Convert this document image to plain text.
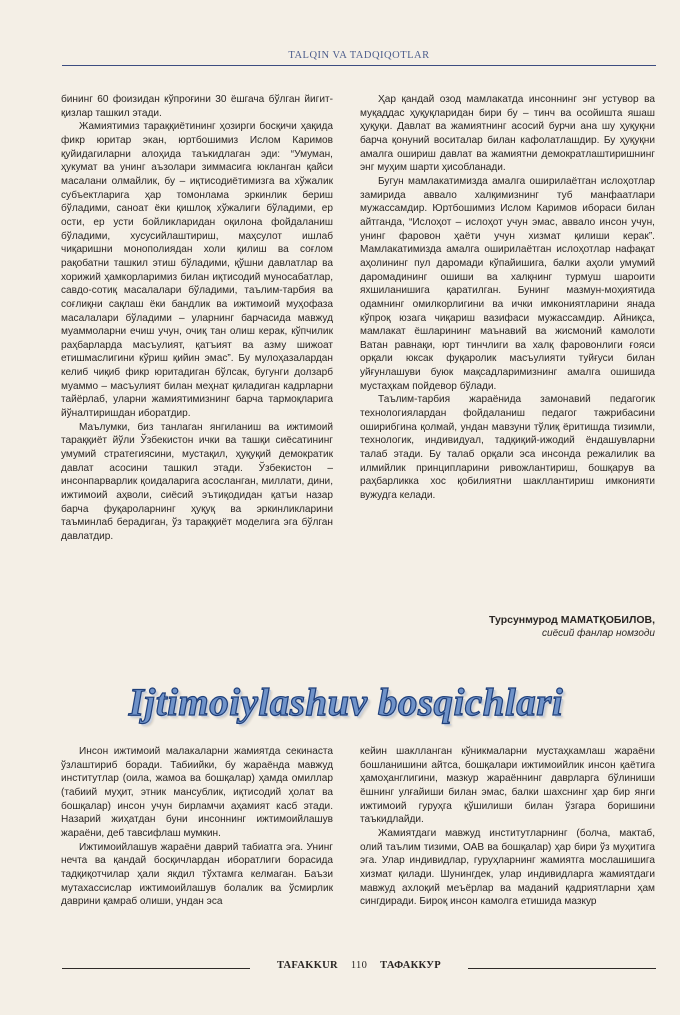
TALQIN VA TADQIQOTLAR

бининг 60 фоизидан кўпроғини 30 ёшгача бўлган йигит-қизлар ташкил этади.

Жамиятимиз тараққиётининг ҳозирги босқичи ҳақида фикр юритар экан, юртбошимиз Ислом Каримов қуйидагиларни алоҳида таъкидлаган эди: “Умуман, ҳукумат ва унинг аъзолари зиммасига юкланган қайси масалани олмайлик, бу – иқтисодиётимизга ва хўжалик субъектларига ҳар томонлама эркинлик бериш бўладими, саноат ёки қишлоқ хўжалиги бўладими, ер ости, ер усти бойликларидан оқилона фойдаланиш бўладими, хусусийлаштириш, маҳсулот ишлаб чиқаришни монополиядан холи қилиш ва соғлом рақобатни ташкил этиш бўладими, қўшни давлатлар ва хорижий ҳамкорларимиз билан иқтисодий муносабатлар, савдо-сотиқ масалалари бўладими, таълим-тарбия ва соғлиқни сақлаш ёки бандлик ва ижтимоий муҳофаза масалалари бўладими – уларнинг барчасида мавжуд муаммоларни ечиш учун, очиқ тан олиш керак, кўпчилик раҳбарларда масъулият, қатъият ва азму шижоат етишмаслигини кўриш қийин эмас”. Бу мулоҳазалардан келиб чиқиб фикр юритадиган бўлсак, бугунги долзарб муаммо – масъулият билан меҳнат қиладиган кадрларни тайёрлаб, уларни жамиятимизнинг барча тармоқларига йўналтиришдан иборатдир.

Маълумки, биз танлаган янгиланиш ва ижтимоий тараққиёт йўли Ўзбекистон ички ва ташқи сиёсатининг умумий стратегиясини, мустақил, ҳуқуқий демократик давлат асосини ташкил этади. Ўзбекистон – инсонпарварлик қоидаларига асосланган, миллати, дини, ижтимоий аҳволи, сиёсий эътиқодидан қатъи назар барча фуқароларнинг ҳуқуқ ва эркинликларини таъминлаб берадиган, ўз тараққиёт моделига эга бўлган давлатдир.

Ҳар қандай озод мамлакатда инсоннинг энг устувор ва муқаддас ҳуқуқларидан бири бу – тинч ва осойишта яшаш ҳуқуқи. Давлат ва жамиятнинг асосий бурчи ана шу ҳуқуқни барча қонуний воситалар билан кафолатлашдир. Бу ҳуқуқни амалга ошириш давлат ва жамиятни демократлаштиришнинг энг муҳим шарти ҳисобланади.

Бугун мамлакатимизда амалга оширилаётган ислоҳотлар замирида аввало халқимизнинг туб манфаатлари мужассамдир. Юртбошимиз Ислом Каримов ибораси билан айтганда, “Ислоҳот – ислоҳот учун эмас, аввало инсон учун, унинг фаровон ҳаёти учун хизмат қилиши керак”. Мамлакатимизда амалга оширилаётган ислоҳотлар нафақат аҳолининг пул даромади кўпайишига, балки аҳоли умумий даромадининг ошиши ва халқнинг турмуш шароити яхшиланишига қаратилган. Бунинг мазмун-моҳиятида одамнинг омилкорлигини ва ички имкониятларини янада кўпроқ юзага чиқариш вазифаси мужассамдир. Айниқса, мамлакат ёшларининг маънавий ва жисмоний камолоти Ватан равнақи, юрт тинчлиги ва халқ фаровонлиги ғояси орқали юксак фуқаролик масъулияти туйғуси билан уйғунлашуви буюк мақсадларимизнинг амалга ошишида мустаҳкам пойдевор бўлади.

Таълим-тарбия жараёнида замонавий педагогик технологиялардан фойдаланиш педагог тажрибасини оширибгина қолмай, ундан мавзуни тўлиқ ёритишда тизимли, технологик, индивидуал, тадқиқий-ижодий ёндашувларни талаб этади. Бу талаб орқали эса инсонда режалилик ва илмийлик принципларини ривожлантириш, бошқарув ва раҳбарликка хос қобилиятни шакллантириш имконияти вужудга келади.

Турсунмурод МАМАТҚОБИЛОВ,
сиёсий фанлар номзоди
Ijtimoiylashuv bosqichlari

Инсон ижтимоий малакаларни жамиятда секинаста ўзлаштириб боради. Табиийки, бу жараёнда мавжуд институтлар (оила, жамоа ва бошқалар) ҳамда омиллар (табиий муҳит, этник мансублик, иқтисодий ҳолат ва бошқалар) инсон учун бирламчи аҳамият касб этади. Назарий жиҳатдан буни инсоннинг ижтимоийлашув жараёни, деб тавсифлаш мумкин.

Ижтимоийлашув жараёни даврий табиатга эга. Унинг нечта ва қандай босқичлардан иборатлиги борасида тадқиқотчилар ҳали якдил тўхтамга келмаган. Баъзи мутахассислар ижтимоийлашув болалик ва ўсмирлик даврини қамраб олиши, ундан эса

кейин шаклланган кўникмаларни мустаҳкамлаш жараёни бошланишини айтса, бошқалари ижтимоийлик инсон қаётига ҳамоҳанглигини, мазкур жараённинг даврларга бўлиниши ёшнинг улғайиши билан эмас, балки шахснинг ҳар бир янги ижтимоий гуруҳга қўшилиши билан ўзгара боришини таъкидлайди.

Жамиятдаги мавжуд институтларнинг (болча, мактаб, олий таълим тизими, ОАВ ва бошқалар) ҳар бири ўз муҳитига эга. Улар индивидлар, гуруҳларнинг жамиятга мослашишига хизмат қилади. Шунингдек, улар индивидларга жамиятдаги мавжуд ахлоқий меъёрлар ва маданий қадриятларни ҳам сингдиради. Бироқ инсон камолга етишида мазкур

TAFAKKUR 110 ТАФАККУР
